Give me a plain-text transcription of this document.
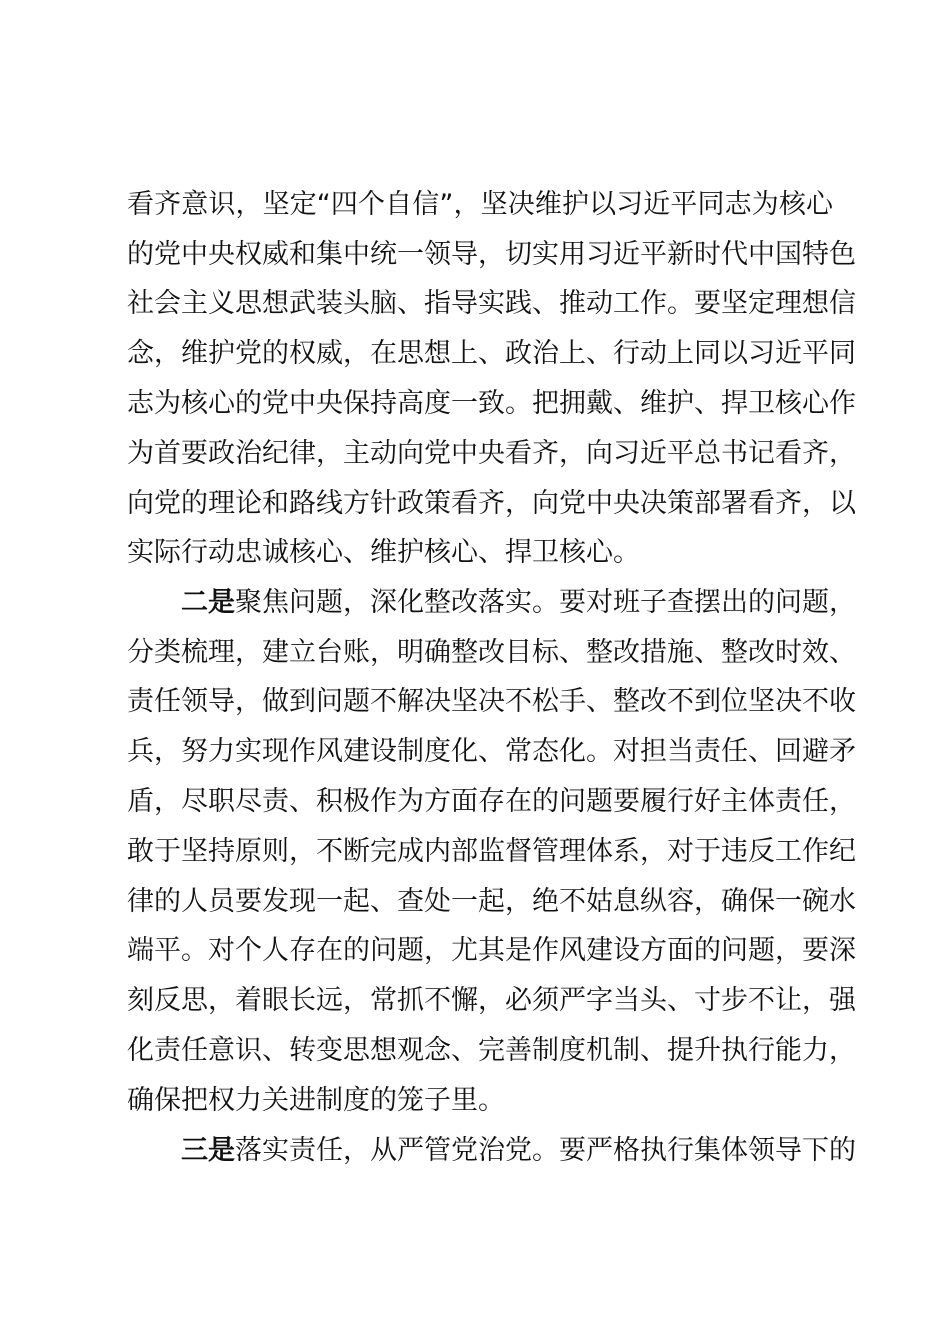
看齐意识，坚定“四个自信”，坚决维护以习近平同志为核心
的党中央权威和集中统一领导，切实用习近平新时代中国特色
社会主义思想武装头脑、指导实践、推动工作。要坚定理想信
念，维护党的权威，在思想上、政治上、行动上同以习近平同
志为核心的党中央保持高度一致。把拥戴、维护、捍卫核心作
为首要政治纪律，主动向党中央看齐，向习近平总书记看齐，
向党的理论和路线方针政策看齐，向党中央决策部署看齐，以
实际行动忠诚核心、维护核心、捍卫核心。
二是聚焦问题，深化整改落实。要对班子查摆出的问题，
分类梳理，建立台账，明确整改目标、整改措施、整改时效、
责任领导，做到问题不解决坚决不松手、整改不到位坚决不收
兵，努力实现作风建设制度化、常态化。对担当责任、回避矛
盾，尽职尽责、积极作为方面存在的问题要履行好主体责任，
敢于坚持原则，不断完成内部监督管理体系，对于违反工作纪
律的人员要发现一起、查处一起，绝不姑息纵容，确保一碗水
端平。对个人存在的问题，尤其是作风建设方面的问题，要深
刻反思，着眼长远，常抓不懈，必须严字当头、寸步不让，强
化责任意识、转变思想观念、完善制度机制、提升执行能力，
确保把权力关进制度的笼子里。
三是落实责任，从严管党治党。要严格执行集体领导下的
